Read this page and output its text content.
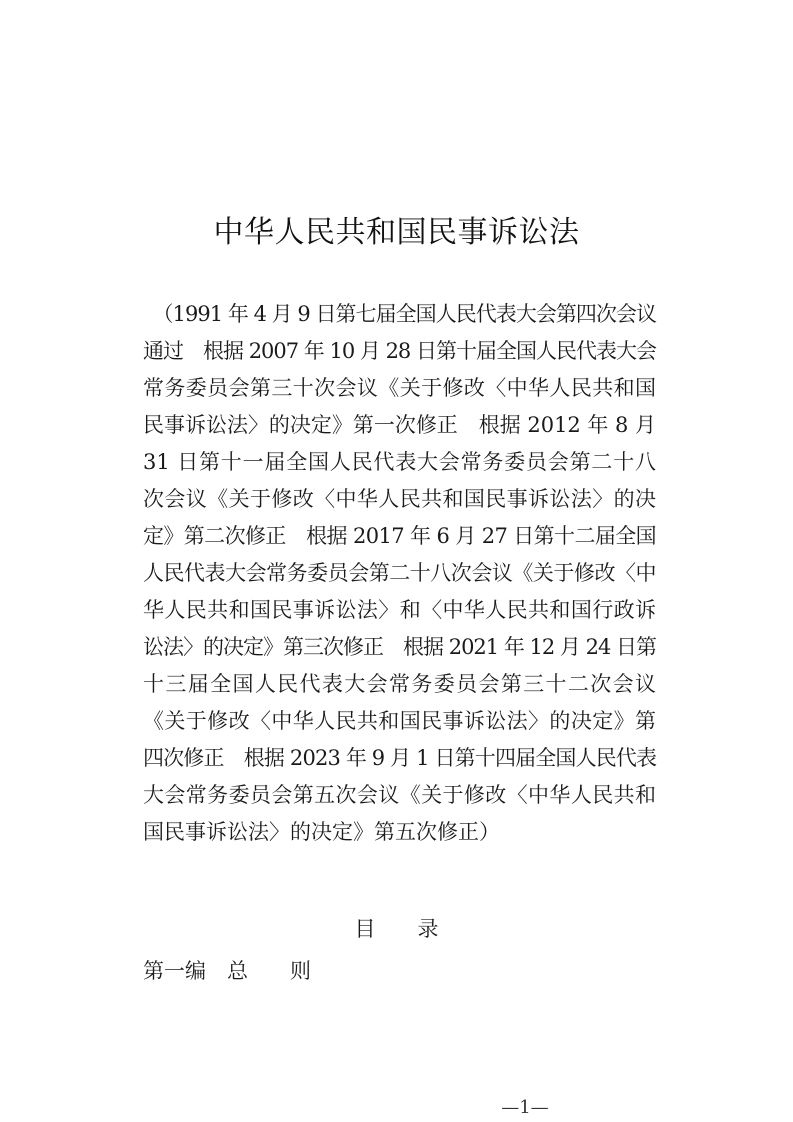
中华人民共和国民事诉讼法
　（1991 年 4 月 9 日第七届全国人民代表大会第四次会议
通过　根据 2007 年 10 月 28 日第十届全国人民代表大会
常务委员会第三十次会议《关于修改〈中华人民共和国
民事诉讼法〉的决定》第一次修正　根据 2012 年 8 月
31 日第十一届全国人民代表大会常务委员会第二十八
次会议《关于修改〈中华人民共和国民事诉讼法〉的决
定》第二次修正　根据 2017 年 6 月 27 日第十二届全国
人民代表大会常务委员会第二十八次会议《关于修改〈中
华人民共和国民事诉讼法〉和〈中华人民共和国行政诉
讼法〉的决定》第三次修正　根据 2021 年 12 月 24 日第
十三届全国人民代表大会常务委员会第三十二次会议
《关于修改〈中华人民共和国民事诉讼法〉的决定》第
四次修正　根据 2023 年 9 月 1 日第十四届全国人民代表
大会常务委员会第五次会议《关于修改〈中华人民共和
国民事诉讼法〉的决定》第五次修正）
目　　录
第一编　总　　则

—1—
